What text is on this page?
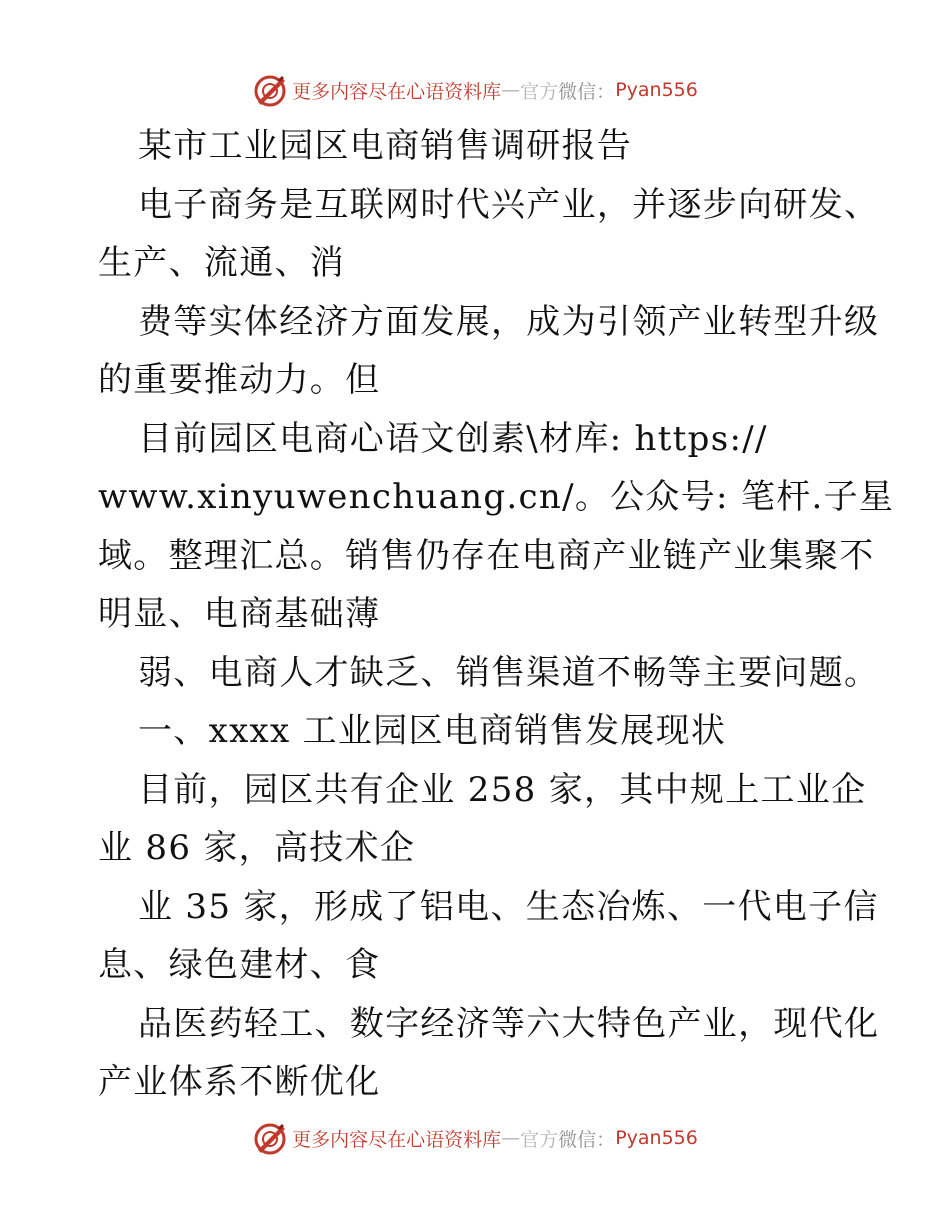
更多内容尽在心语资料库 — 官方 微信： Pyan556
某市工业园区电商销售调研报告
电子商务是互联网时代兴产业，并逐步向研发、
生产、流通、消
费等实体经济方面发展，成为引领产业转型升级
的重要推动力。但
目前园区电商心语文创素\材库: https://
www.xinyuwenchuang.cn/。公众号: 笔杆.子星
域。整理汇总。销售仍存在电商产业链产业集聚不
明显、电商基础薄
弱、电商人才缺乏、销售渠道不畅等主要问题。
一、xxxx 工业园区电商销售发展现状
目前，园区共有企业 258 家，其中规上工业企
业 86 家，高技术企
业 35 家，形成了铝电、生态冶炼、一代电子信
息、绿色建材、食
品医药轻工、数字经济等六大特色产业，现代化
产业体系不断优化
更多内容尽在心语资料库 — 官方 微信： Pyan556
